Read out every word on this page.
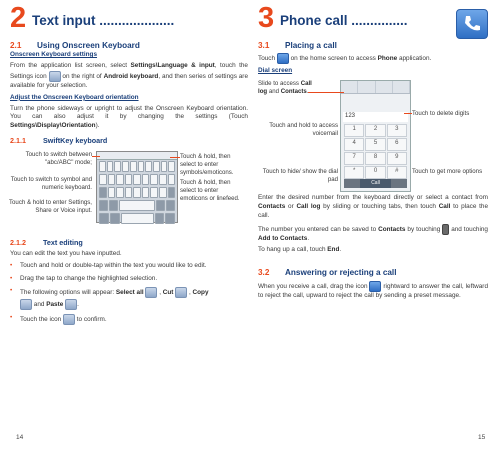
2 Text input ....................
2.1 Using Onscreen Keyboard
Onscreen Keyboard settings

From the application list screen, select Settings\Language & input, touch the Settings icon  on the right of Android keyboard, and then series of settings are available for your selection.

Adjust the Onscreen Keyboard orientation

Turn the phone sideways or upright to adjust the Onscreen Keyboard orientation. You can also adjust it by changing the settings (Touch Settings\Display\Orientation).

2.1.1 SwiftKey keyboard
Touch to switch between "abc/ABC" mode;
Touch to switch to symbol and numeric keyboard.
Touch & hold to enter Settings, Share or Voice input.
Touch & hold, then select to enter symbols/emoticons.
Touch & hold, then select to enter emoticons or linefeed.
2.1.2 Text editing

You can edit the text you have inputted.

• Touch and hold or double-tap within the text you would like to edit.
• Drag the tap to change the highlighted selection.
• The following options will appear: Select all  , Cut  , Copy
and Paste .
• Touch the icon  to confirm.
14
3 Phone call ...............
3.1 Placing a call

Touch  on the home screen to access Phone application.

Dial screen
Slide to access Call
log and Contacts.
Touch and hold to access voicemail
Touch to hide/ show the dial pad
123
1	2	3
4	5	6
7	8	9
*	0	#
Call
Touch to delete digits
Touch to get more options

Enter the desired number from the keyboard directly or select a contact from Contacts or Call log by sliding or touching tabs, then touch Call to place the call.

The number you entered can be saved to Contacts by touching  and touching Add to Contacts.

To hang up a call, touch End.

3.2 Answering or rejecting a call

When you receive a call, drag the icon  rightward to answer the call, leftward to reject the call, upward to reject the call by sending a preset message.

15
